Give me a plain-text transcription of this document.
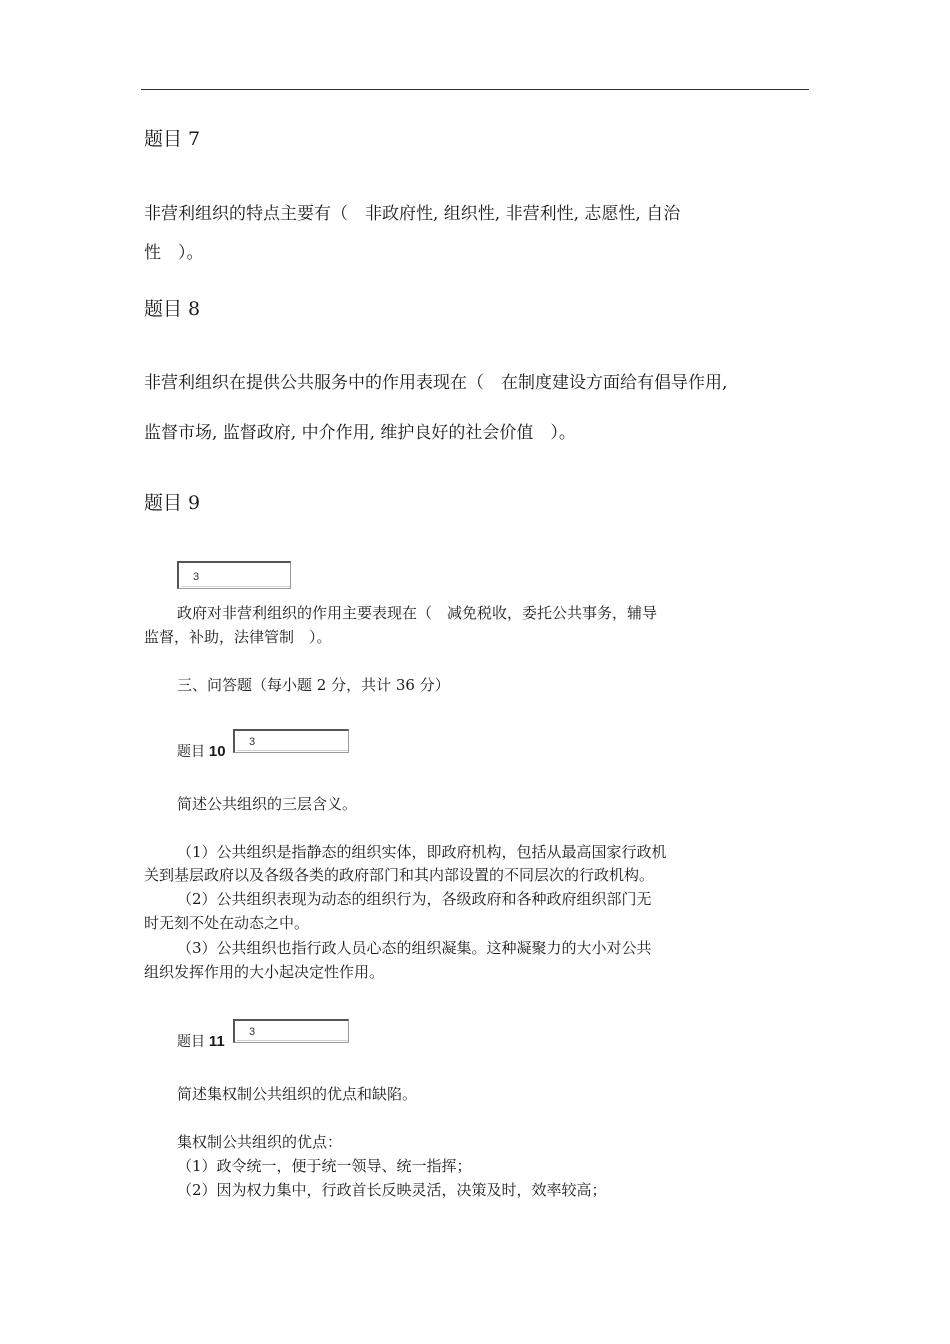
题目 7
非营利组织的特点主要有（　非政府性, 组织性, 非营利性, 志愿性, 自治
性　）。
题目 8
非营利组织在提供公共服务中的作用表现在（　在制度建设方面给有倡导作用,
监督市场, 监督政府, 中介作用, 维护良好的社会价值　）。
题目 9
3
政府对非营利组织的作用主要表现在（　减免税收，委托公共事务，辅导
监督，补助，法律管制　）。
三、问答题（每小题 2 分，共计 36 分）
题目 10
3
简述公共组织的三层含义。
（1）公共组织是指静态的组织实体，即政府机构，包括从最高国家行政机
关到基层政府以及各级各类的政府部门和其内部设置的不同层次的行政机构。
（2）公共组织表现为动态的组织行为，各级政府和各种政府组织部门无
时无刻不处在动态之中。
（3）公共组织也指行政人员心态的组织凝集。这种凝聚力的大小对公共
组织发挥作用的大小起决定性作用。
题目 11
3
简述集权制公共组织的优点和缺陷。
集权制公共组织的优点：
（1）政令统一，便于统一领导、统一指挥；
（2）因为权力集中，行政首长反映灵活，决策及时，效率较高；
